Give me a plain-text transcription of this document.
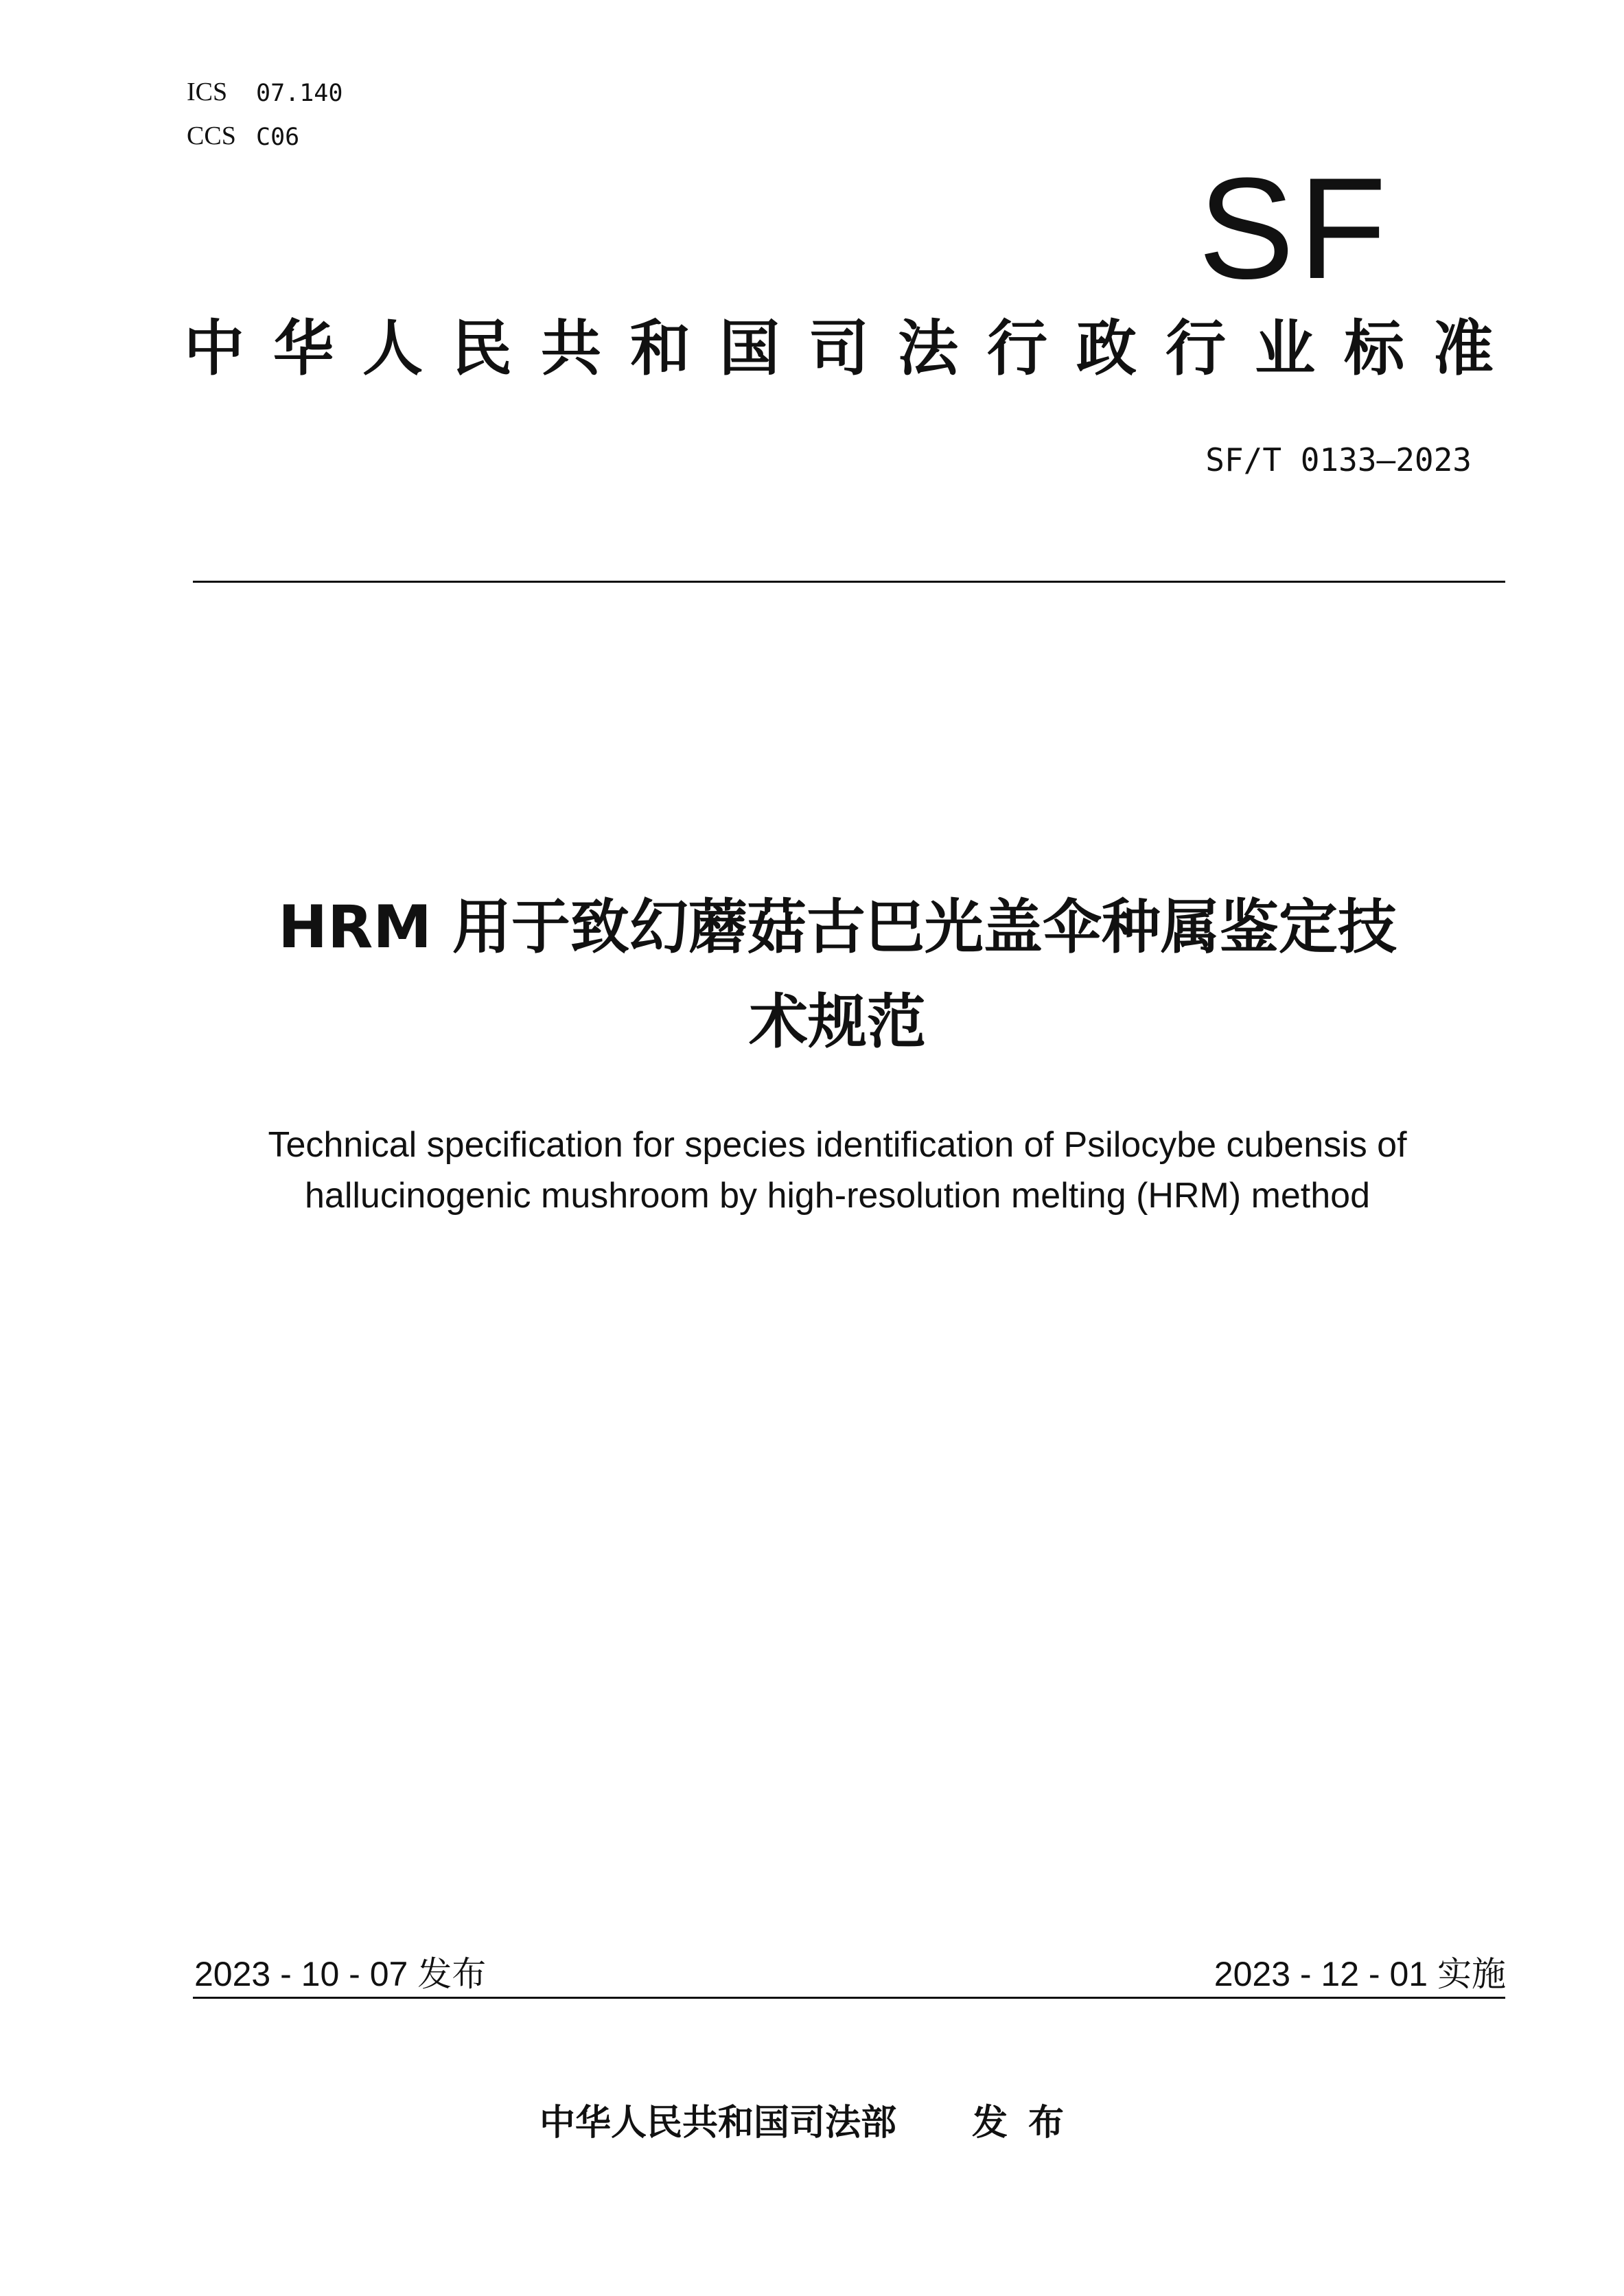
ICS 07.140
CCS C06
SF
中华人民共和国司法行政行业标准
SF/T 0133—2023
HRM 用于致幻蘑菇古巴光盖伞种属鉴定技
术规范
Technical specification for species identification of Psilocybe cubensis of
hallucinogenic mushroom by high-resolution melting (HRM) method
2023 - 10 - 07 发布	2023 - 12 - 01 实施
中华人民共和国司法部 发布
